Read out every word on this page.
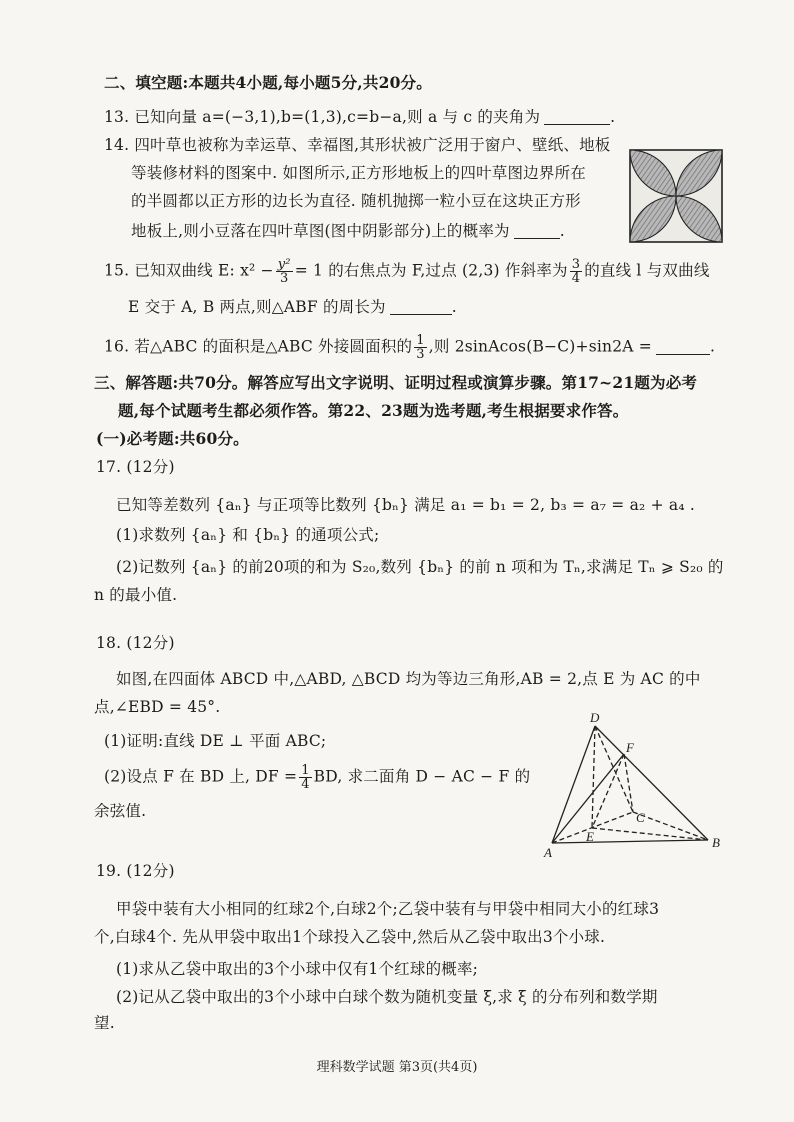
二、填空题:本题共4小题,每小题5分,共20分。
13. 已知向量 a=(−3,1),b=(1,3),c=b−a,则 a 与 c 的夹角为	.
14. 四叶草也被称为幸运草、幸福图,其形状被广泛用于窗户、壁纸、地板
等装修材料的图案中. 如图所示,正方形地板上的四叶草图边界所在
的半圆都以正方形的边长为直径. 随机抛掷一粒小豆在这块正方形
地板上,则小豆落在四叶草图(图中阴影部分)上的概率为	.
15. 已知双曲线 E: $x^2 - \frac{\text{y²}}{3} = 1$ 的右焦点为 F,过点 (2,3) 作斜率为 $\frac{3}{4}$ 的直线 l 与双曲线
E 交于 A, B 两点,则△ABF 的周长为	.
16. 若△ABC 的面积是△ABC 外接圆面积的 $\frac{1}{3}$ ,则 2sinAcos(B−C)+sin2A =	.
三、解答题:共70分。解答应写出文字说明、证明过程或演算步骤。第17~21题为必考
题,每个试题考生都必须作答。第22、23题为选考题,考生根据要求作答。
(一)必考题:共60分。
17. (12分)
已知等差数列 {aₙ} 与正项等比数列 {bₙ} 满足 a₁ = b₁ = 2, b₃ = a₇ = a₂ + a₄ .
(1)求数列 {aₙ} 和 {bₙ} 的通项公式;
(2)记数列 {aₙ} 的前20项的和为 S₂₀,数列 {bₙ} 的前 n 项和为 Tₙ,求满足 Tₙ ⩾ S₂₀ 的
n 的最小值.
18. (12分)
如图,在四面体 ABCD 中,△ABD, △BCD 均为等边三角形,AB = 2,点 E 为 AC 的中
点,∠EBD = 45°.
(1)证明:直线 DE ⊥ 平面 ABC;
(2)设点 F 在 BD 上, DF = $\frac{1}{4}$ BD, 求二面角 D − AC − F 的
余弦值.
D
F
C
E
A
B
19. (12分)
甲袋中装有大小相同的红球2个,白球2个;乙袋中装有与甲袋中相同大小的红球3
个,白球4个. 先从甲袋中取出1个球投入乙袋中,然后从乙袋中取出3个小球.
(1)求从乙袋中取出的3个小球中仅有1个红球的概率;
(2)记从乙袋中取出的3个小球中白球个数为随机变量 ξ,求 ξ 的分布列和数学期
望.
理科数学试题 第3页(共4页)
